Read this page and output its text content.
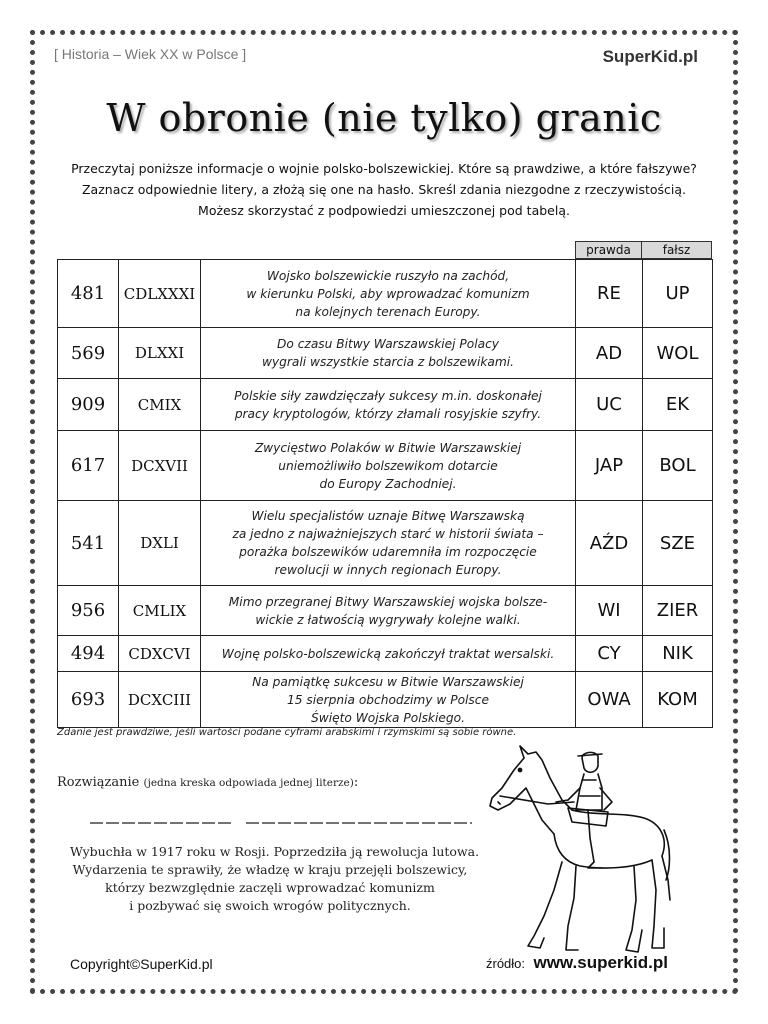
[ Historia – Wiek XX w Polsce ]	SuperKid.pl
W obronie (nie tylko) granic
Przeczytaj poniższe informacje o wojnie polsko-bolszewickiej. Które są prawdziwe, a które fałszywe?
Zaznacz odpowiednie litery, a złożą się one na hasło. Skreśl zdania niezgodne z rzeczywistością.
Możesz skorzystać z podpowiedzi umieszczonej pod tabelą.
prawda	fałsz
481	CDLXXXI	Wojsko bolszewickie ruszyło na zachód,
w kierunku Polski, aby wprowadzać komunizm
na kolejnych terenach Europy.	RE	UP
569	DLXXI	Do czasu Bitwy Warszawskiej Polacy
wygrali wszystkie starcia z bolszewikami.	AD	WOL
909	CMIX	Polskie siły zawdzięczały sukcesy m.in. doskonałej
pracy kryptologów, którzy złamali rosyjskie szyfry.	UC	EK
617	DCXVII	Zwycięstwo Polaków w Bitwie Warszawskiej
uniemożliwiło bolszewikom dotarcie
do Europy Zachodniej.	JAP	BOL
541	DXLI	Wielu specjalistów uznaje Bitwę Warszawską
za jedno z najważniejszych starć w historii świata –
porażka bolszewików udaremniła im rozpoczęcie
rewolucji w innych regionach Europy.	AŹD	SZE
956	CMLIX	Mimo przegranej Bitwy Warszawskiej wojska bolsze-
wickie z łatwością wygrywały kolejne walki.	WI	ZIER
494	CDXCVI	Wojnę polsko-bolszewicką zakończył traktat wersalski.	CY	NIK
693	DCXCIII	Na pamiątkę sukcesu w Bitwie Warszawskiej
15 sierpnia obchodzimy w Polsce
Święto Wojska Polskiego.	OWA	KOM
Zdanie jest prawdziwe, jeśli wartości podane cyframi arabskimi i rzymskimi są sobie równe.
Rozwiązanie (jedna kreska odpowiada jednej literze):
Wybuchła w 1917 roku w Rosji. Poprzedziła ją rewolucja lutowa.
Wydarzenia te sprawiły, że władzę w kraju przejęli bolszewicy,
którzy bezwzględnie zaczęli wprowadzać komunizm
i pozbywać się swoich wrogów politycznych.
Copyright©SuperKid.pl	źródło: www.superkid.pl
